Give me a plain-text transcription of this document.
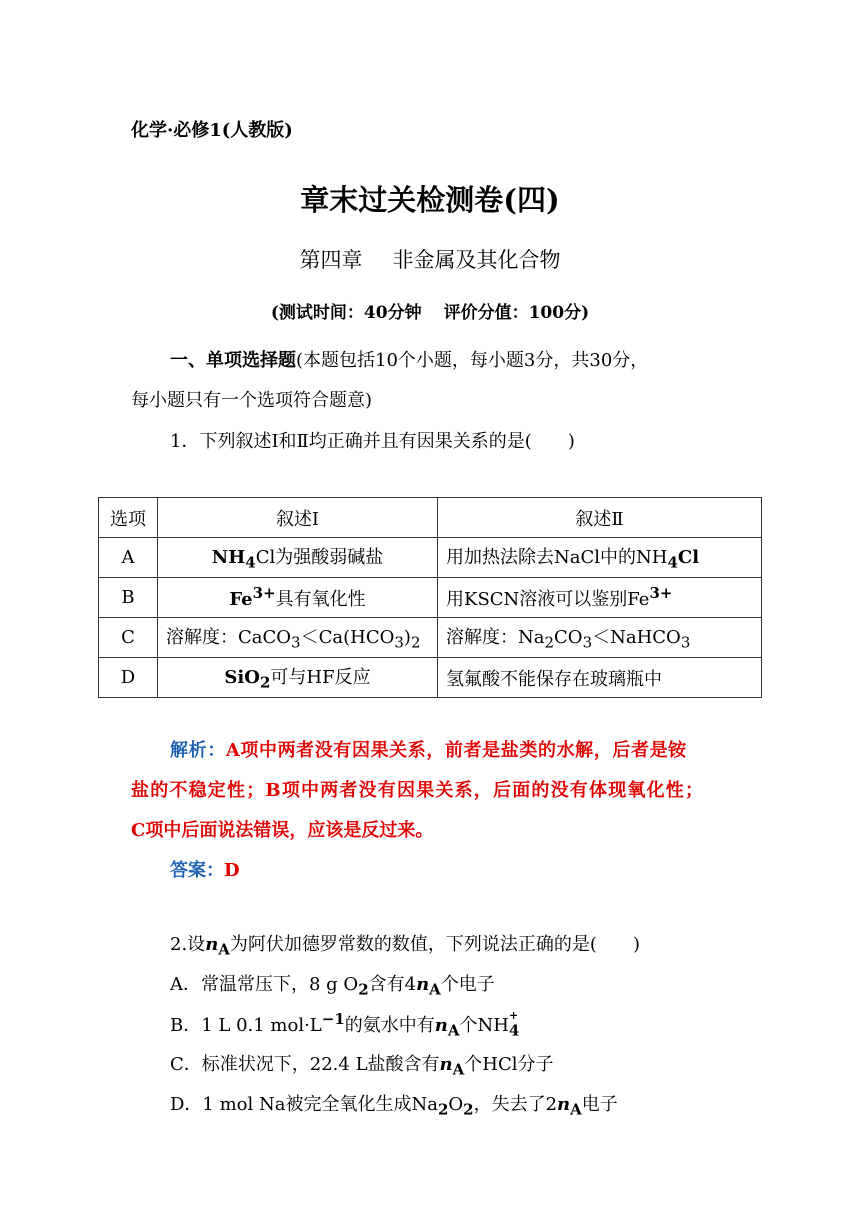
化学·必修1(人教版)
章末过关检测卷(四)
第四章 非金属及其化合物
(测试时间：40分钟 评价分值：100分)
一、单项选择题(本题包括10个小题，每小题3分，共30分，
每小题只有一个选项符合题意)
1．下列叙述Ⅰ和Ⅱ均正确并且有因果关系的是(　　)
选项	叙述Ⅰ	叙述Ⅱ
A	$NH_4Cl$为强酸弱碱盐	用加热法除去NaCl中的$NH_4Cl$
B	$Fe^{3+}$具有氧化性	用KSCN溶液可以鉴别$Fe^{3+}$
C	溶解度：$CaCO_3<Ca(HCO_3)_2$	溶解度：$Na_2CO_3<NaHCO_3$
D	SiO$_2$可与HF反应	氢氟酸不能保存在玻璃瓶中
解析：A项中两者没有因果关系，前者是盐类的水解，后者是铵
盐的不稳定性；B项中两者没有因果关系，后面的没有体现氧化性；
C项中后面说法错误，应该是反过来。
答案：D
2.设$n_A$为阿伏加德罗常数的数值，下列说法正确的是(　　)
A．常温常压下，8 g $O_2$含有$4n_A$个电子
B．1 L 0.1 $mol\cdot L^{-1}$的氨水中有$n_A$个$NH_4$
+
C．标准状况下，22.4 L盐酸含有$n_A$个HCl分子
D．1 mol Na被完全氧化生成$Na_2O_2$，失去了$2n_A$电子
